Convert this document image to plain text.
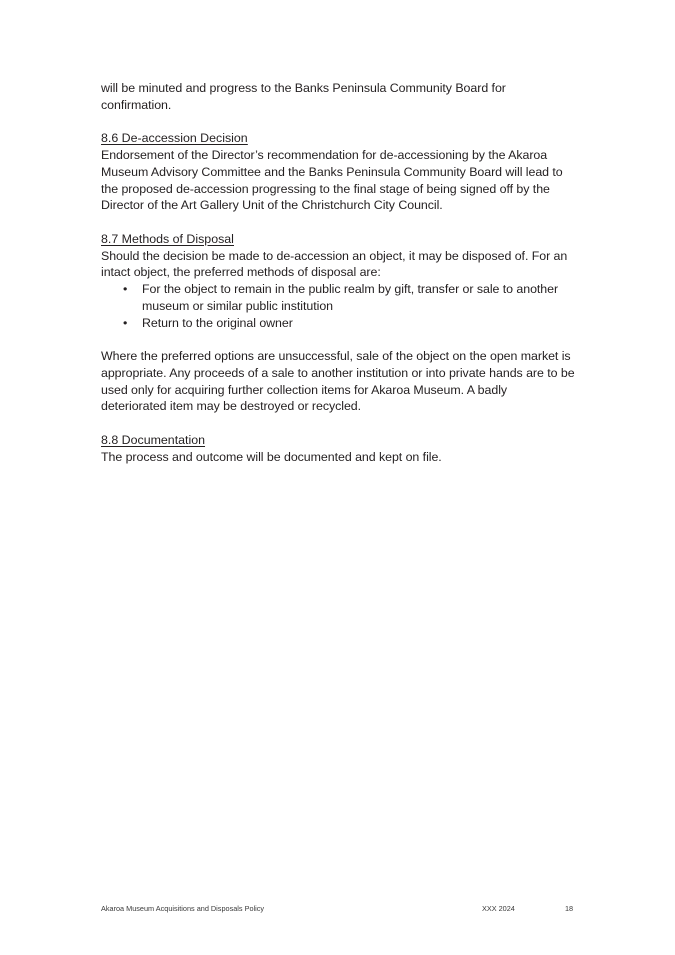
will be minuted and progress to the Banks Peninsula Community Board for confirmation.

8.6 De-accession Decision

Endorsement of the Director’s recommendation for de-accessioning by the Akaroa Museum Advisory Committee and the Banks Peninsula Community Board will lead to the proposed de-accession progressing to the final stage of being signed off by the Director of the Art Gallery Unit of the Christchurch City Council.

8.7 Methods of Disposal

Should the decision be made to de-accession an object, it may be disposed of. For an intact object, the preferred methods of disposal are:

• For the object to remain in the public realm by gift, transfer or sale to another museum or similar public institution
• Return to the original owner

Where the preferred options are unsuccessful, sale of the object on the open market is appropriate. Any proceeds of a sale to another institution or into private hands are to be used only for acquiring further collection items for Akaroa Museum. A badly deteriorated item may be destroyed or recycled.

8.8 Documentation

The process and outcome will be documented and kept on file.

Akaroa Museum Acquisitions and Disposals Policy	XXX 2024	18
